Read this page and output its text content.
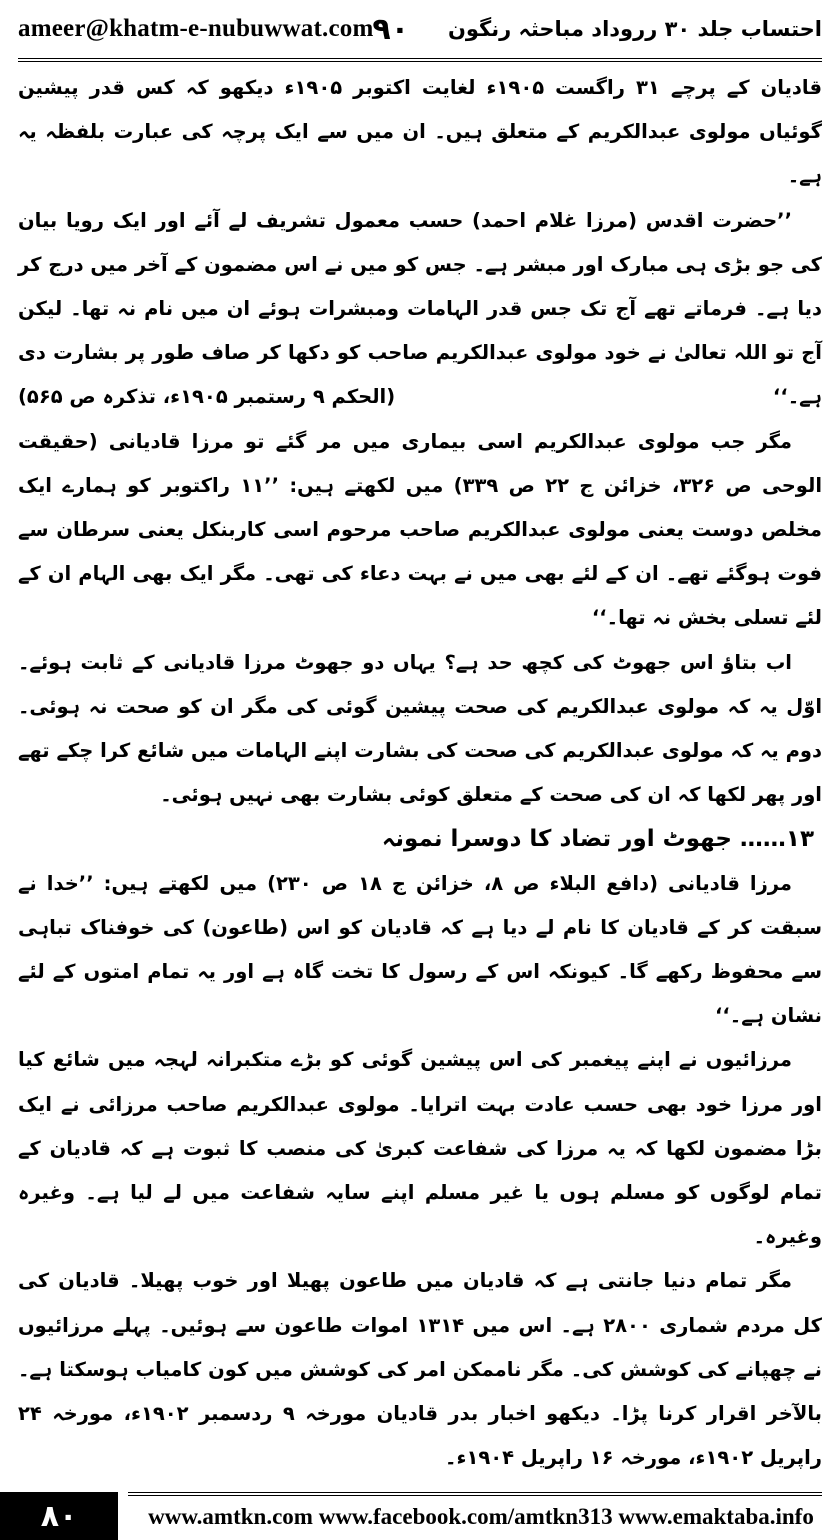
ameer@khatm-e-nubuwwat.com
۹۰ احتساب جلد ۳۰ رروداد مباحثہ رنگون

قادیان کے پرچے ۳۱ راگست ۱۹۰۵ء لغایت اکتوبر ۱۹۰۵ء دیکھو کہ کس قدر پیشین گوئیاں مولوی عبدالکریم کے متعلق ہیں۔ ان میں سے ایک پرچہ کی عبارت بلفظہ یہ ہے۔

’’حضرت اقدس (مرزا غلام احمد) حسب معمول تشریف لے آئے اور ایک رویا بیان کی جو بڑی ہی مبارک اور مبشر ہے۔ جس کو میں نے اس مضمون کے آخر میں درج کر دیا ہے۔ فرماتے تھے آج تک جس قدر الہامات ومبشرات ہوئے ان میں نام نہ تھا۔ لیکن آج تو اللہ تعالیٰ نے خود مولوی عبدالکریم صاحب کو دکھا کر صاف طور پر بشارت دی ہے۔‘‘
(الحکم ۹ رستمبر ۱۹۰۵ء، تذکرہ ص ۵۶۵)

مگر جب مولوی عبدالکریم اسی بیماری میں مر گئے تو مرزا قادیانی (حقیقت الوحی ص ۳۲۶، خزائن ج ۲۲ ص ۳۳۹) میں لکھتے ہیں: ’’۱۱ راکتوبر کو ہمارے ایک مخلص دوست یعنی مولوی عبدالکریم صاحب مرحوم اسی کاربنکل یعنی سرطان سے فوت ہوگئے تھے۔ ان کے لئے بھی میں نے بہت دعاء کی تھی۔ مگر ایک بھی الہام ان کے لئے تسلی بخش نہ تھا۔‘‘

اب بتاؤ اس جھوٹ کی کچھ حد ہے؟ یہاں دو جھوٹ مرزا قادیانی کے ثابت ہوئے۔ اوّل یہ کہ مولوی عبدالکریم کی صحت پیشین گوئی کی مگر ان کو صحت نہ ہوئی۔ دوم یہ کہ مولوی عبدالکریم کی صحت کی بشارت اپنے الہامات میں شائع کرا چکے تھے اور پھر لکھا کہ ان کی صحت کے متعلق کوئی بشارت بھی نہیں ہوئی۔

۱۳…… جھوٹ اور تضاد کا دوسرا نمونہ

مرزا قادیانی (دافع البلاء ص ۸، خزائن ج ۱۸ ص ۲۳۰) میں لکھتے ہیں: ’’خدا نے سبقت کر کے قادیان کا نام لے دیا ہے کہ قادیان کو اس (طاعون) کی خوفناک تباہی سے محفوظ رکھے گا۔ کیونکہ اس کے رسول کا تخت گاہ ہے اور یہ تمام امتوں کے لئے نشان ہے۔‘‘

مرزائیوں نے اپنے پیغمبر کی اس پیشین گوئی کو بڑے متکبرانہ لہجہ میں شائع کیا اور مرزا خود بھی حسب عادت بہت اترایا۔ مولوی عبدالکریم صاحب مرزائی نے ایک بڑا مضمون لکھا کہ یہ مرزا کی شفاعت کبریٰ کی منصب کا ثبوت ہے کہ قادیان کے تمام لوگوں کو مسلم ہوں یا غیر مسلم اپنے سایہ شفاعت میں لے لیا ہے۔ وغیرہ وغیرہ۔

مگر تمام دنیا جانتی ہے کہ قادیان میں طاعون پھیلا اور خوب پھیلا۔ قادیان کی کل مردم شماری ۲۸۰۰ ہے۔ اس میں ۱۳۱۴ اموات طاعون سے ہوئیں۔ پہلے مرزائیوں نے چھپانے کی کوشش کی۔ مگر ناممکن امر کی کوشش میں کون کامیاب ہوسکتا ہے۔ بالآخر اقرار کرنا پڑا۔ دیکھو اخبار بدر قادیان مورخہ ۹ ردسمبر ۱۹۰۲ء، مورخہ ۲۴ راپریل ۱۹۰۲ء، مورخہ ۱۶ راپریل ۱۹۰۴ء۔

۸۰	www.amtkn.com www.facebook.com/amtkn313 www.emaktaba.info
